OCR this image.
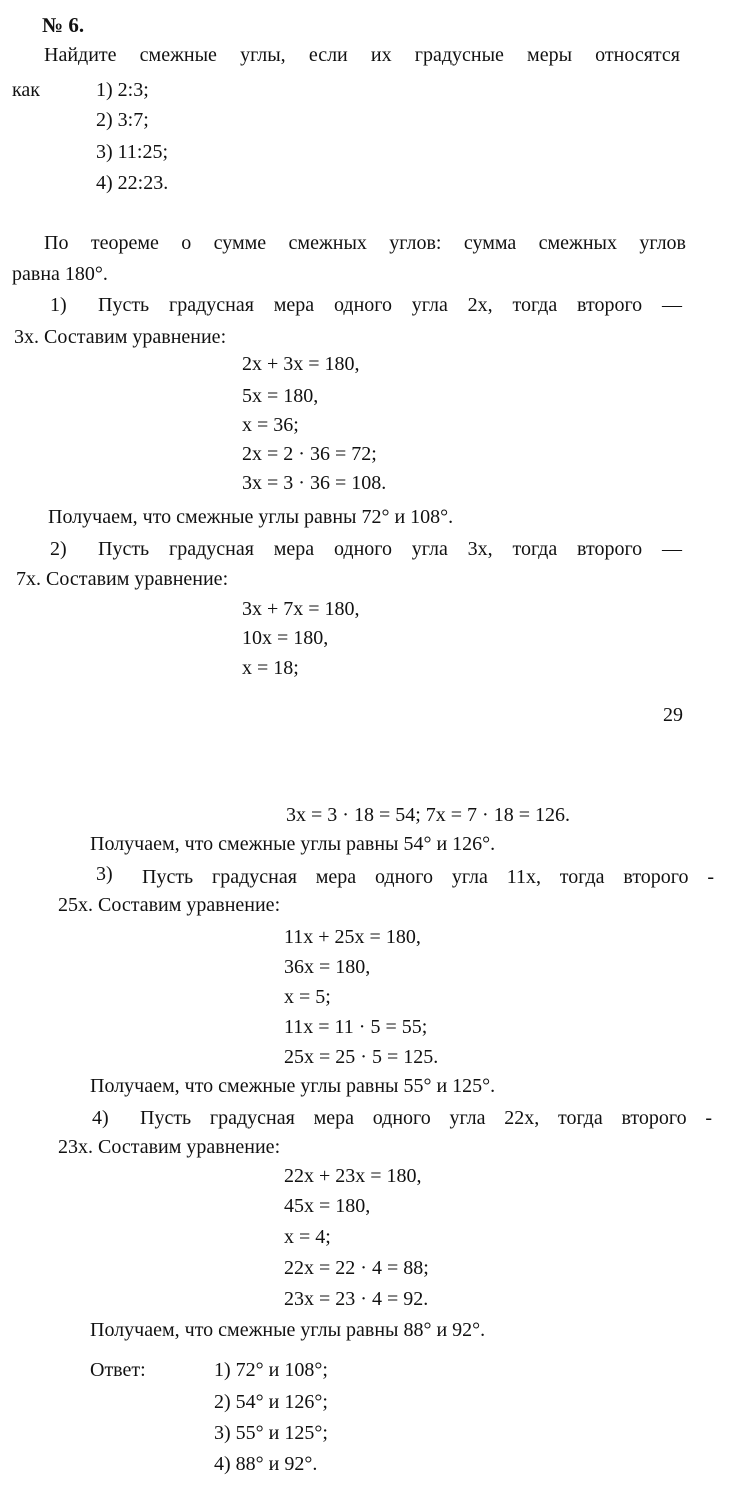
№ 6.
Найдите смежные углы, если их градусные меры относятся
как	1) 2:3;
2) 3:7;
3) 11:25;
4) 22:23.
По теореме о сумме смежных углов: сумма смежных углов
равна 180°.
1) Пусть градусная мера одного угла 2x, тогда второго —
3x. Составим уравнение:
2x + 3x = 180,
5x = 180,
x = 36;
2x = 2 · 36 = 72;
3x = 3 · 36 = 108.
Получаем, что смежные углы равны 72° и 108°.
2) Пусть градусная мера одного угла 3x, тогда второго —
7x. Составим уравнение:
3x + 7x = 180,
10x = 180,
x = 18;
29
3x = 3 · 18 = 54; 7x = 7 · 18 = 126.
Получаем, что смежные углы равны 54° и 126°.
3) Пусть градусная мера одного угла 11x, тогда второго -
25x. Составим уравнение:
11x + 25x = 180,
36x = 180,
x = 5;
11x = 11 · 5 = 55;
25x = 25 · 5 = 125.
Получаем, что смежные углы равны 55° и 125°.
4) Пусть градусная мера одного угла 22x, тогда второго -
23x. Составим уравнение:
22x + 23x = 180,
45x = 180,
x = 4;
22x = 22 · 4 = 88;
23x = 23 · 4 = 92.
Получаем, что смежные углы равны 88° и 92°.
Ответ:	1) 72° и 108°;
2) 54° и 126°;
3) 55° и 125°;
4) 88° и 92°.
